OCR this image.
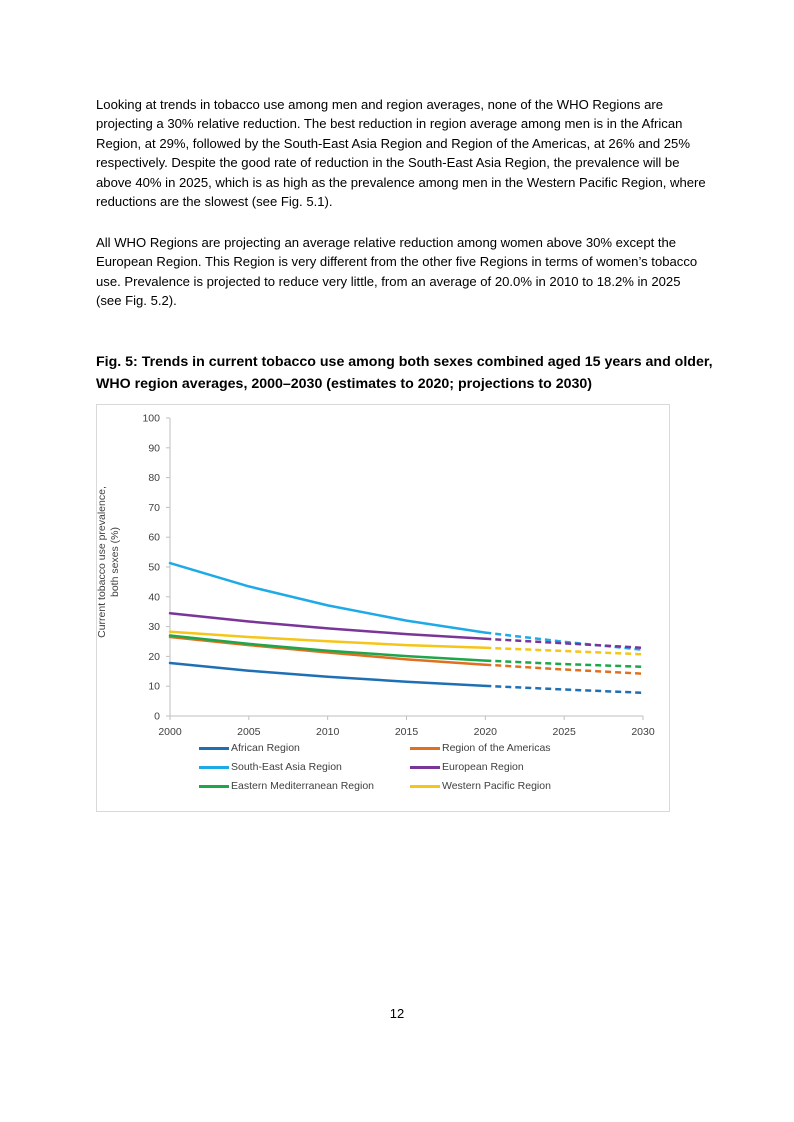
Looking at trends in tobacco use among men and region averages, none of the WHO Regions are projecting a 30% relative reduction. The best reduction in region average among men is in the African Region, at 29%, followed by the South-East Asia Region and Region of the Americas, at 26% and 25% respectively. Despite the good rate of reduction in the South-East Asia Region, the prevalence will be above 40% in 2025, which is as high as the prevalence among men in the Western Pacific Region, where reductions are the slowest (see Fig. 5.1).

All WHO Regions are projecting an average relative reduction among women above 30% except the European Region. This Region is very different from the other five Regions in terms of women’s tobacco use. Prevalence is projected to reduce very little, from an average of 20.0% in 2010 to 18.2% in 2025 (see Fig. 5.2).

Fig. 5: Trends in current tobacco use among both sexes combined aged 15 years and older, WHO region averages, 2000–2030 (estimates to 2020; projections to 2030)
0
10
20
30
40
50
60
70
80
90
100
2000	2005	2010	2015	2020	2025	2030
Current tobacco use prevalence, both sexes (%)
African Region	Region of the Americas
South-East Asia Region	European Region
Eastern Mediterranean Region	Western Pacific Region
12
